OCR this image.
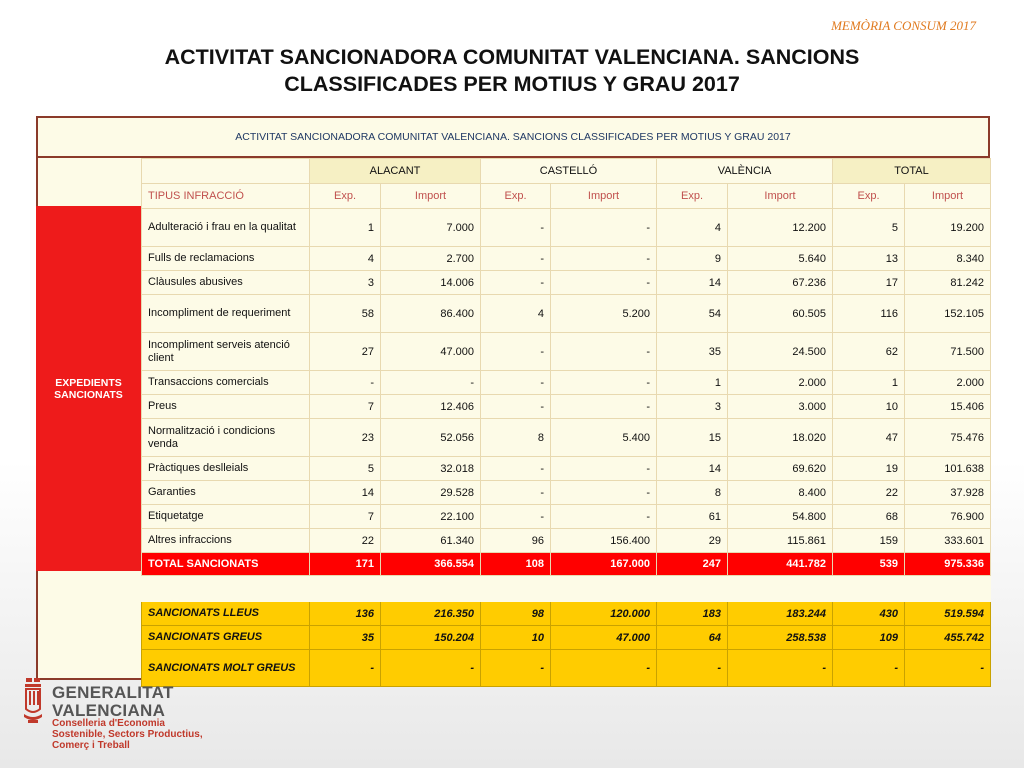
MEMÒRIA CONSUM 2017
ACTIVITAT SANCIONADORA COMUNITAT VALENCIANA. SANCIONS
CLASSIFICADES PER MOTIUS Y GRAU 2017
ACTIVITAT SANCIONADORA COMUNITAT VALENCIANA. SANCIONS CLASSIFICADES PER MOTIUS Y GRAU 2017
EXPEDIENTS
SANCIONATS
	ALACANT		CASTELLÓ		VALÈNCIA		TOTAL	
TIPUS INFRACCIÓ	Exp.	Import	Exp.	Import	Exp.	Import	Exp.	Import
Adulteració i frau en la qualitat	1	7.000	-	-	4	12.200	5	19.200
Fulls de reclamacions	4	2.700	-	-	9	5.640	13	8.340
Clàusules abusives	3	14.006	-	-	14	67.236	17	81.242
Incompliment de requeriment	58	86.400	4	5.200	54	60.505	116	152.105
Incompliment serveis atenció client	27	47.000	-	-	35	24.500	62	71.500
Transaccions comercials	-	-	-	-	1	2.000	1	2.000
Preus	7	12.406	-	-	3	3.000	10	15.406
Normalització i condicions venda	23	52.056	8	5.400	15	18.020	47	75.476
Pràctiques deslleials	5	32.018	-	-	14	69.620	19	101.638
Garanties	14	29.528	-	-	8	8.400	22	37.928
Etiquetatge	7	22.100	-	-	61	54.800	68	76.900
Altres infraccions	22	61.340	96	156.400	29	115.861	159	333.601
TOTAL SANCIONATS	171	366.554	108	167.000	247	441.782	539	975.336

SANCIONATS LLEUS	136	216.350	98	120.000	183	183.244	430	519.594
SANCIONATS GREUS	35	150.204	10	47.000	64	258.538	109	455.742
SANCIONATS MOLT GREUS	-	-	-	-	-	-	-	-
GENERALITAT
VALENCIANA
Conselleria d'Economia
Sostenible, Sectors Productius,
Comerç i Treball
